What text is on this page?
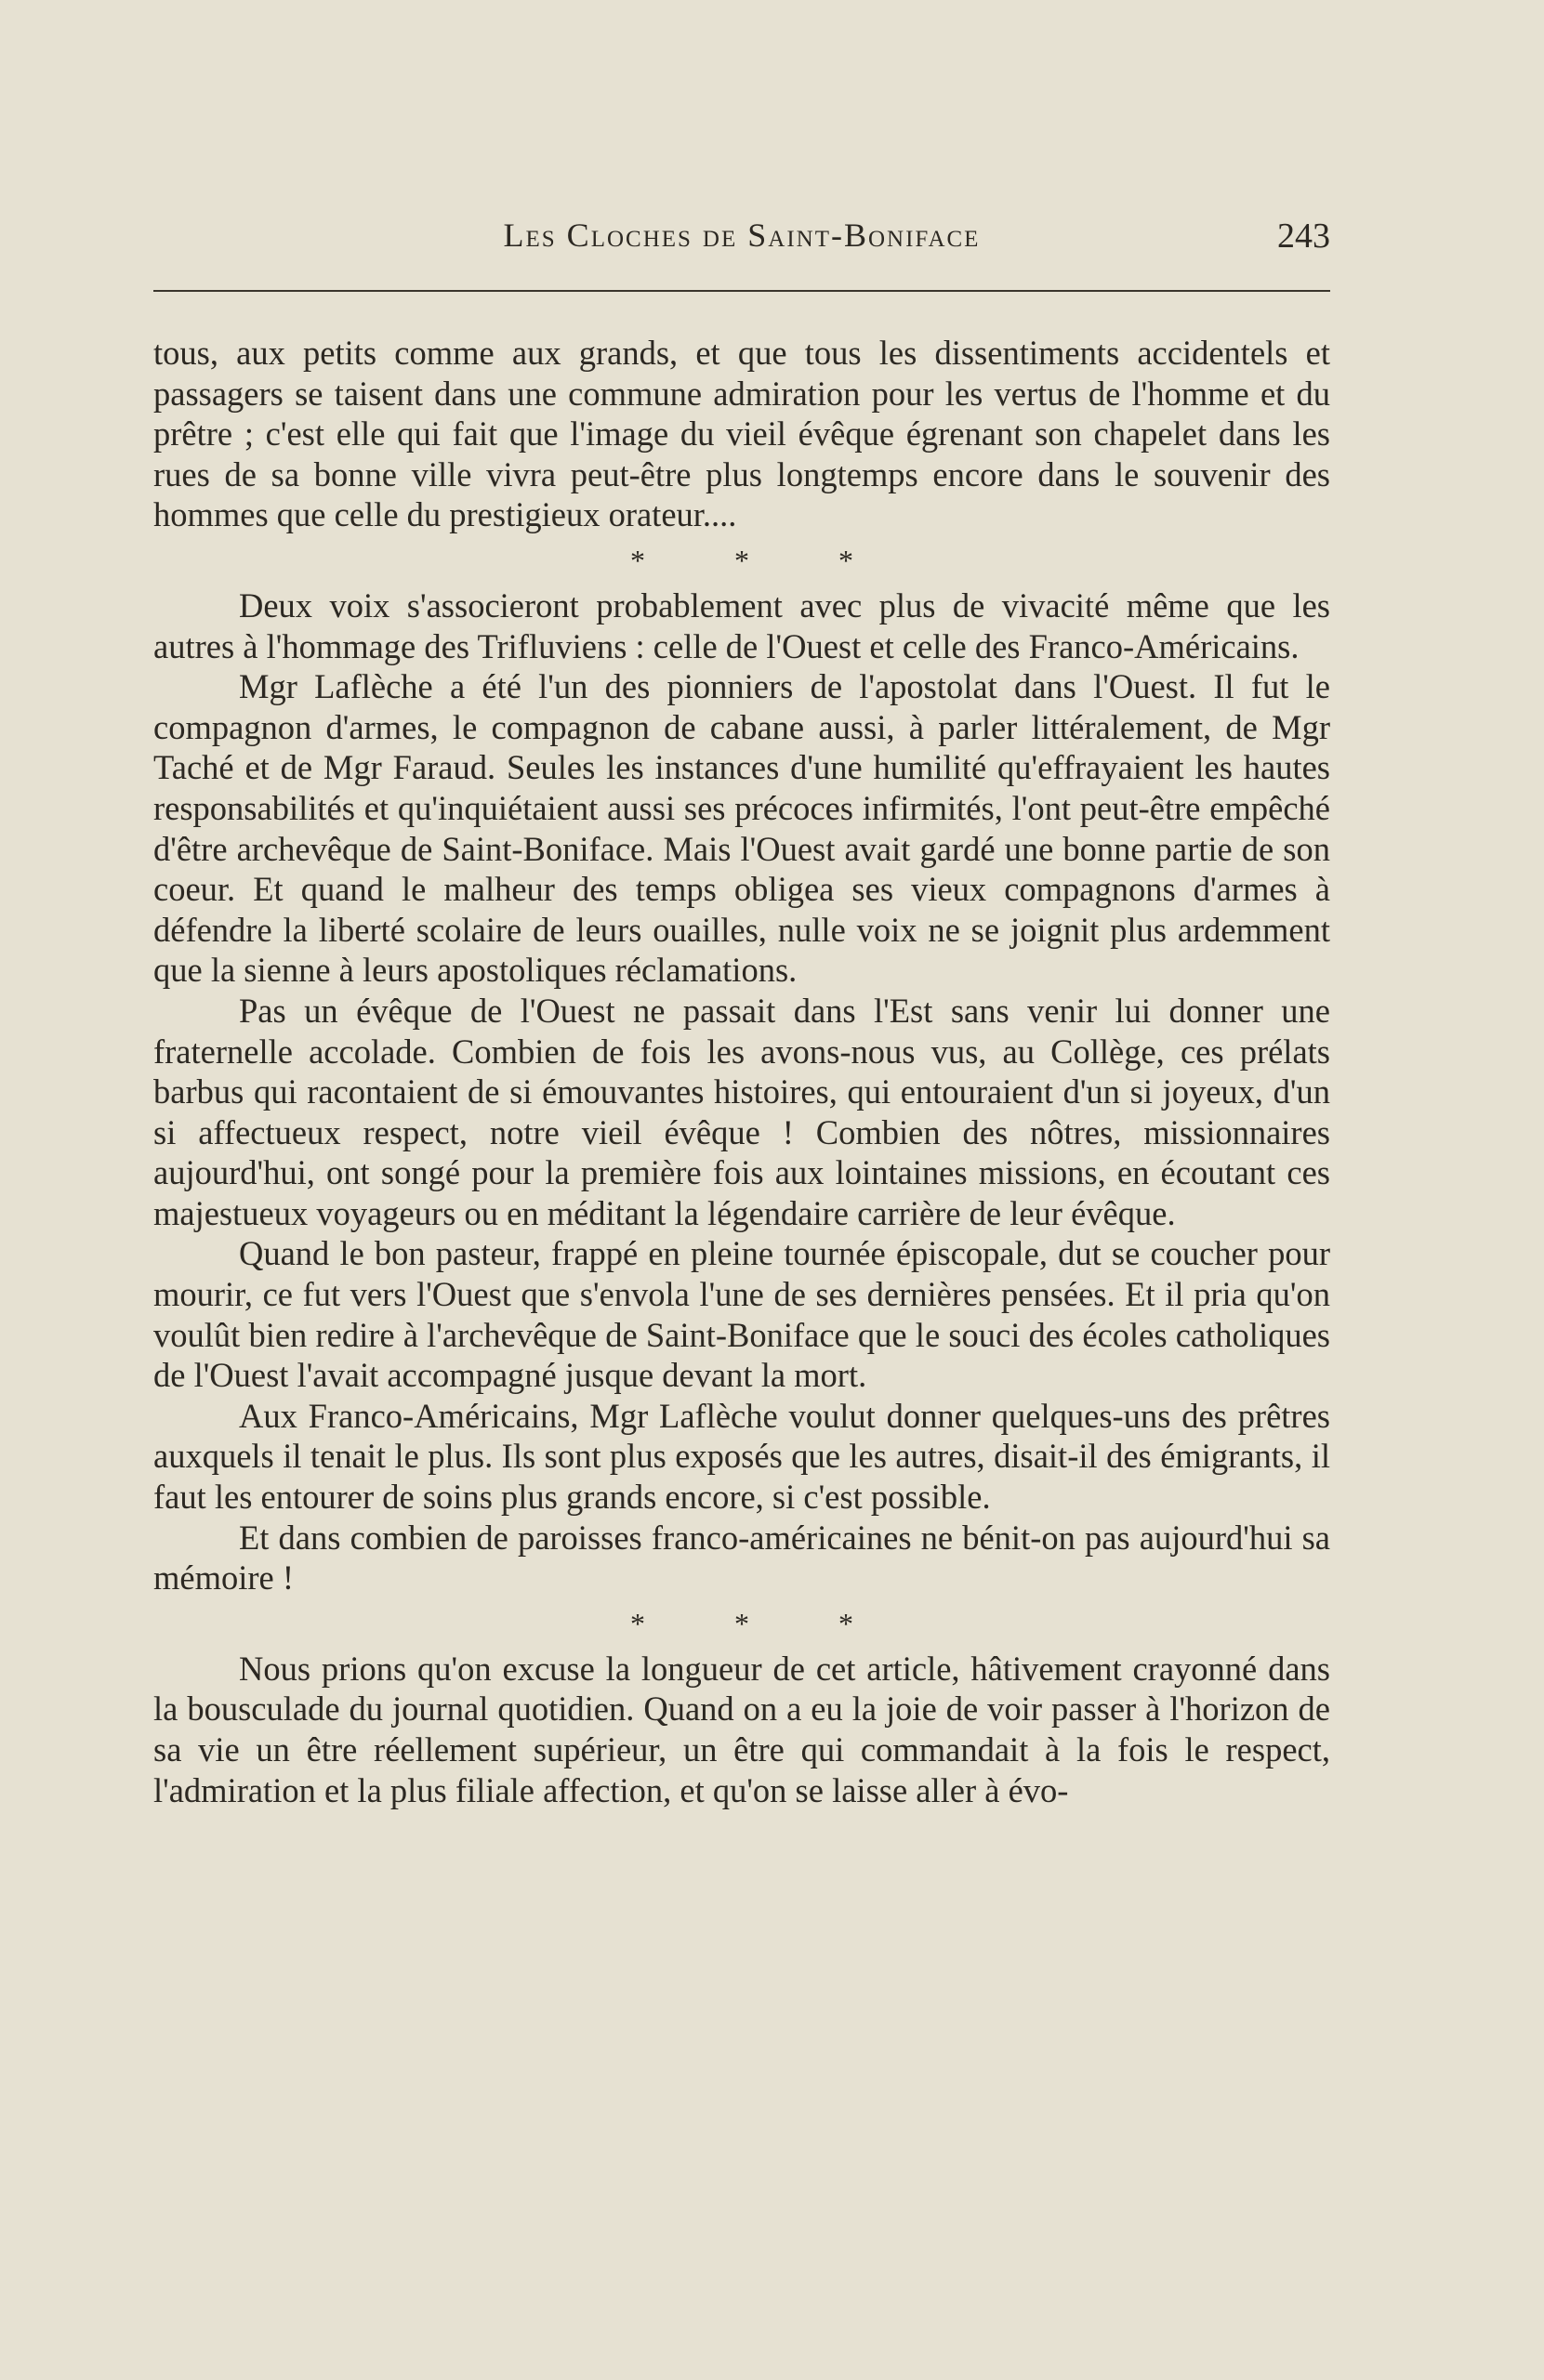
Les Cloches de Saint-Boniface	243

tous, aux petits comme aux grands, et que tous les dissentiments accidentels et passagers se taisent dans une commune admiration pour les vertus de l'homme et du prêtre ; c'est elle qui fait que l'image du vieil évêque égrenant son chapelet dans les rues de sa bonne ville vivra peut-être plus longtemps encore dans le souvenir des hommes que celle du prestigieux orateur....

* * *

Deux voix s'associeront probablement avec plus de vivacité même que les autres à l'hommage des Trifluviens : celle de l'Ouest et celle des Franco-Américains.

Mgr Laflèche a été l'un des pionniers de l'apostolat dans l'Ouest. Il fut le compagnon d'armes, le compagnon de cabane aussi, à parler littéralement, de Mgr Taché et de Mgr Faraud. Seules les instances d'une humilité qu'effrayaient les hautes responsabilités et qu'inquiétaient aussi ses précoces infirmités, l'ont peut-être empêché d'être archevêque de Saint-Boniface. Mais l'Ouest avait gardé une bonne partie de son coeur. Et quand le malheur des temps obligea ses vieux compagnons d'armes à défendre la liberté scolaire de leurs ouailles, nulle voix ne se joignit plus ardemment que la sienne à leurs apostoliques réclamations.

Pas un évêque de l'Ouest ne passait dans l'Est sans venir lui donner une fraternelle accolade. Combien de fois les avons-nous vus, au Collège, ces prélats barbus qui racontaient de si émouvantes histoires, qui entouraient d'un si joyeux, d'un si affectueux respect, notre vieil évêque ! Combien des nôtres, missionnaires aujourd'hui, ont songé pour la première fois aux lointaines missions, en écoutant ces majestueux voyageurs ou en méditant la légendaire carrière de leur évêque.

Quand le bon pasteur, frappé en pleine tournée épiscopale, dut se coucher pour mourir, ce fut vers l'Ouest que s'envola l'une de ses dernières pensées. Et il pria qu'on voulût bien redire à l'archevêque de Saint-Boniface que le souci des écoles catholiques de l'Ouest l'avait accompagné jusque devant la mort.

Aux Franco-Américains, Mgr Laflèche voulut donner quelques-uns des prêtres auxquels il tenait le plus. Ils sont plus exposés que les autres, disait-il des émigrants, il faut les entourer de soins plus grands encore, si c'est possible.

Et dans combien de paroisses franco-américaines ne bénit-on pas aujourd'hui sa mémoire !

* * *

Nous prions qu'on excuse la longueur de cet article, hâtivement crayonné dans la bousculade du journal quotidien. Quand on a eu la joie de voir passer à l'horizon de sa vie un être réellement supérieur, un être qui commandait à la fois le respect, l'admiration et la plus filiale affection, et qu'on se laisse aller à évo-
